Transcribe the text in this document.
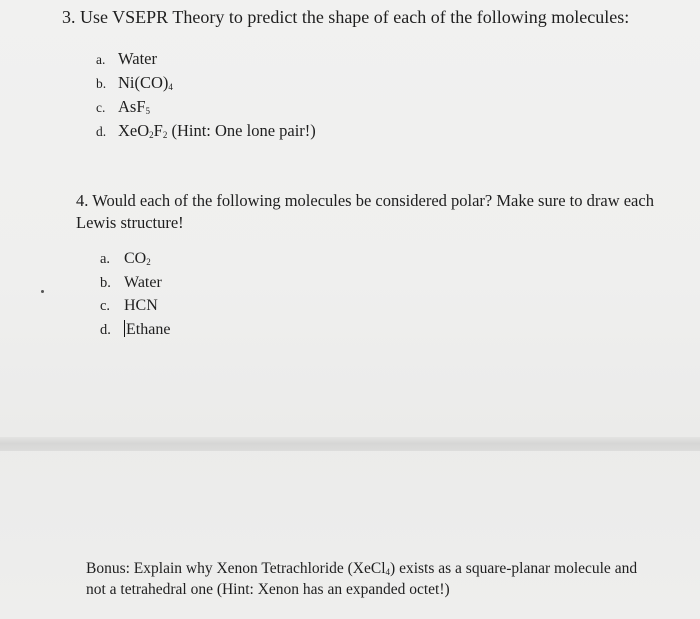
3. Use VSEPR Theory to predict the shape of each of the following molecules:

a. Water
b. $Ni(CO)_4$
c. AsF$_5$
d. $XeO_2F_2$ (Hint: One lone pair!)

4. Would each of the following molecules be considered polar? Make sure to draw each Lewis structure!

a. $CO_2$
b. Water
c. HCN
d. Ethane

Bonus: Explain why Xenon Tetrachloride (XeCl$_4$) exists as a square-planar molecule and not a tetrahedral one (Hint: Xenon has an expanded octet!)
